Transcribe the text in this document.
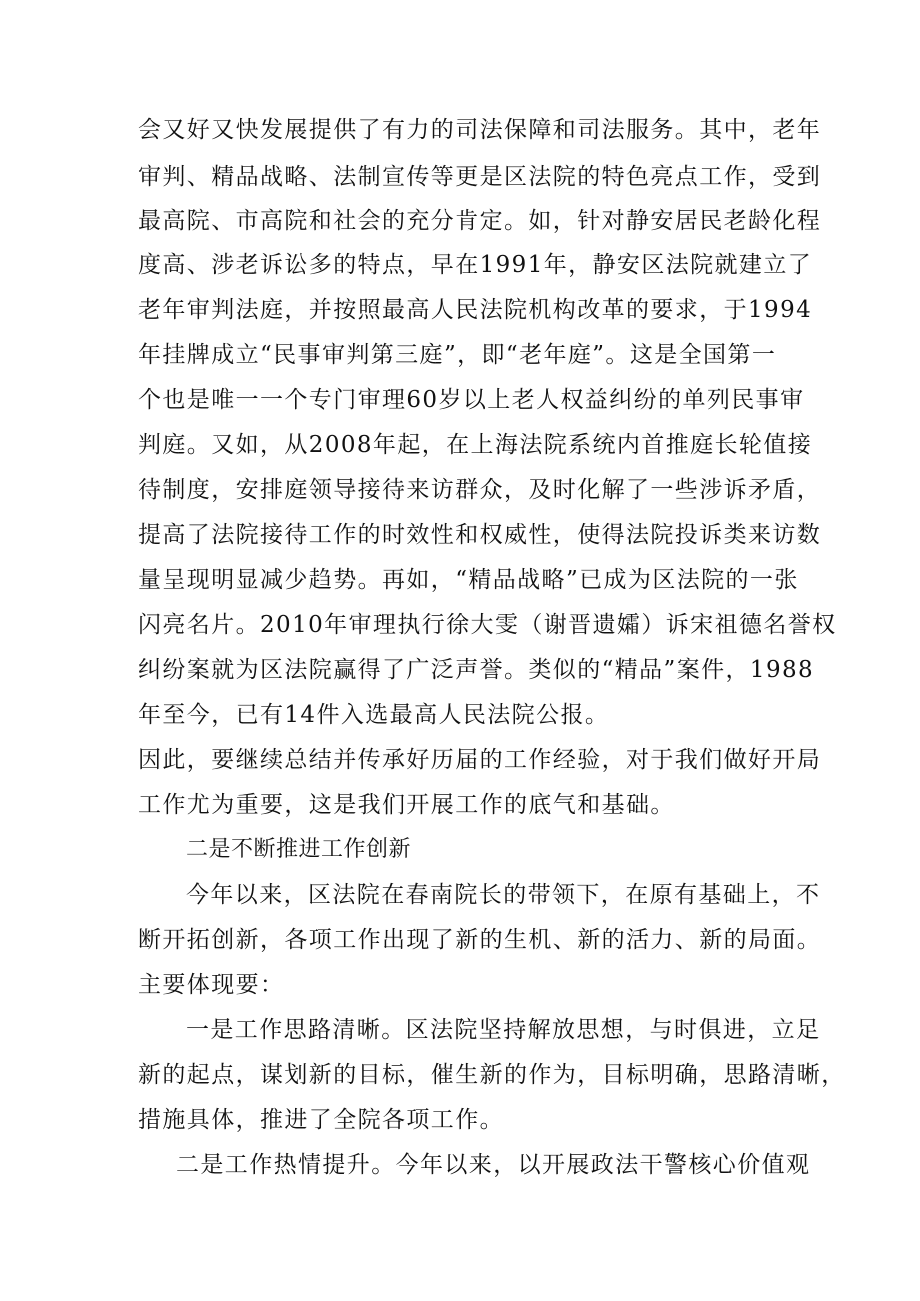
会又好又快发展提供了有力的司法保障和司法服务。其中，老年
审判、精品战略、法制宣传等更是区法院的特色亮点工作，受到
最高院、市高院和社会的充分肯定。如，针对静安居民老龄化程
度高、涉老诉讼多的特点，早在1991年，静安区法院就建立了
老年审判法庭，并按照最高人民法院机构改革的要求，于1994
年挂牌成立“民事审判第三庭”，即“老年庭”。这是全国第一
个也是唯一一个专门审理60岁以上老人权益纠纷的单列民事审
判庭。又如，从2008年起，在上海法院系统内首推庭长轮值接
待制度，安排庭领导接待来访群众，及时化解了一些涉诉矛盾，
提高了法院接待工作的时效性和权威性，使得法院投诉类来访数
量呈现明显减少趋势。再如，“精品战略”已成为区法院的一张
闪亮名片。2010年审理执行徐大雯（谢晋遗孀）诉宋祖德名誉权
纠纷案就为区法院赢得了广泛声誉。类似的“精品”案件，1988
年至今，已有14件入选最高人民法院公报。
因此，要继续总结并传承好历届的工作经验，对于我们做好开局
工作尤为重要，这是我们开展工作的底气和基础。
二是不断推进工作创新
今年以来，区法院在春南院长的带领下，在原有基础上，不
断开拓创新，各项工作出现了新的生机、新的活力、新的局面。
主要体现要：
一是工作思路清晰。区法院坚持解放思想，与时俱进，立足
新的起点，谋划新的目标，催生新的作为，目标明确，思路清晰，
措施具体，推进了全院各项工作。
二是工作热情提升。今年以来，以开展政法干警核心价值观
